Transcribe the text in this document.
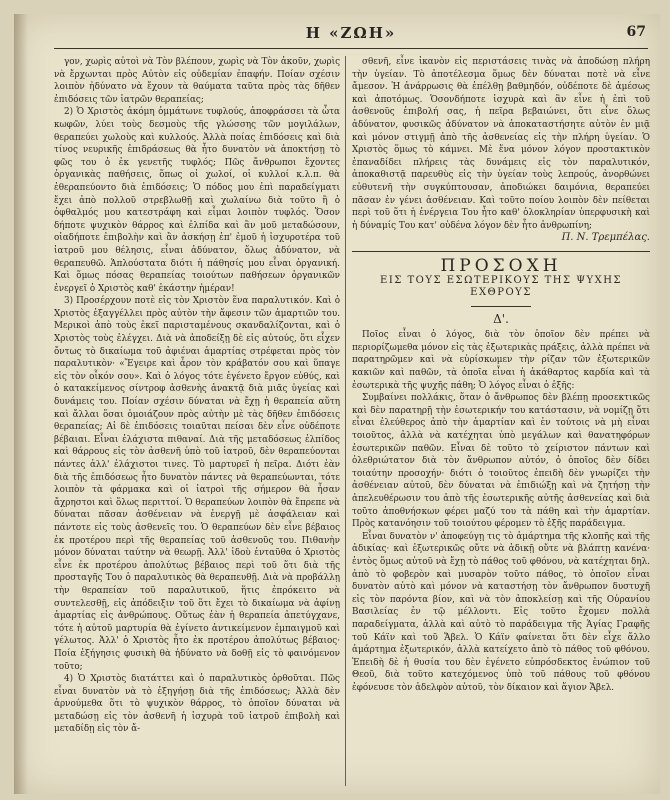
Η «ΖΩΗ»	67

γον, χωρὶς αὐτοὶ νὰ Τὸν βλέπουν, χωρὶς νὰ Τὸν ἀκοῦν, χωρὶς νὰ ἔρχωνται πρὸς Αὐτὸν εἰς οὐδεμίαν ἐπαφήν. Ποίαν σχέσιν λοιπὸν ἠδύνατο νὰ ἔχουν τὰ θαύματα ταῦτα πρὸς τὰς δῆθεν ἐπιδόσεις τῶν ἰατρῶν θεραπείας;

2) Ὁ Χριστὸς ἀκόμη ὀμμάτωνε τυφλούς, ἀποφράσσει τὰ ὦτα κωφῶν, λύει τοὺς δεσμοὺς τῆς γλώσσης τῶν μογιλάλων, θεραπεύει χωλοὺς καὶ κυλλούς. Ἀλλὰ ποίας ἐπιδόσεις καὶ διὰ τίνος νευρικῆς ἐπιδράσεως θὰ ἦτο δυνατὸν νὰ ἀποκτήσῃ τὸ φῶς του ὁ ἐκ γενετῆς τυφλός; Πῶς ἄνθρωποι ἔχοντες ὀργανικὰς παθήσεις, ὅπως οἱ χωλοί, οἱ κυλλοί κ.λ.π. θὰ ἐθεραπεύοντο διὰ ἐπιδόσεις; Ὁ πόδος μου ἐπὶ παραδείγματι ἔχει ἀπὸ πολλοῦ στρεβλωθῇ καὶ χωλαίνω διὰ τοῦτο ἢ ὁ ὀφθαλμός μου κατεστράφη καὶ εἶμαι λοιπὸν τυφλός. Ὅσον δήποτε ψυχικὸν θάρρος καὶ ἐλπίδα καὶ ἂν μοῦ μεταδώσουν, οἰαδήποτε ἐπιβολὴν καὶ ἂν ἀσκήσῃ ἐπ' ἐμοῦ ἡ ἰσχυροτέρα τοῦ ἰατροῦ μου θέλησις, εἶναι ἀδύνατον, ὅλως ἀδύνατον, νὰ θεραπευθῶ. Ἁπλούστατα διότι ἡ πάθησίς μου εἶναι ὀργανική. Καὶ ὅμως πόσας θεραπείας τοιούτων παθήσεων ὀργανικῶν ἐνεργεῖ ὁ Χριστὸς καθ' ἑκάστην ἡμέραν!

3) Προσέρχουν ποτὲ εἰς τὸν Χριστὸν ἕνα παραλυτικόν. Καὶ ὁ Χριστὸς ἐξαγγέλλει πρὸς αὐτὸν τὴν ἄφεσιν τῶν ἁμαρτιῶν του. Μερικοὶ ἀπὸ τοὺς ἐκεῖ παρισταμένους σκανδαλίζονται, καὶ ὁ Χριστὸς τοὺς ἐλέγχει. Διὰ νὰ ἀποδείξῃ δὲ εἰς αὐτούς, ὅτι εἶχεν ὄντως τὸ δικαίωμα τοῦ ἀφιέναι ἁμαρτίας στρέφεται πρὸς τὸν παραλυτικὸν· «Ἔγειρε καὶ ἆρον τὸν κράβατόν σου καὶ ὕπαγε εἰς τὸν οἶκόν σου». Καὶ ὁ λόγος τότε ἐγένετο ἔργον εὐθύς, καὶ ὁ κατακείμενος σίντροφ ἀσθενὴς ἀνακτᾷ διὰ μιᾶς ὑγείας καὶ δυνάμεις του. Ποίαν σχέσιν δύναται νὰ ἔχῃ ἡ θεραπεία αὕτη καὶ ἄλλαι ὅσαι ὁμοιάζουν πρὸς αὐτὴν μὲ τὰς δῆθεν ἐπιδόσεις θεραπείας; Αἱ δὲ ἐπιδόσεις τοιαῦται πείσαι δὲν εἶνε οὐδέποτε βέβαιαι. Εἶναι ἐλάχιστα πιθαναί. Διὰ τῆς μεταδόσεως ἐλπίδος καὶ θάρρους εἰς τὸν ἀσθενῆ ὑπὸ τοῦ ἰατροῦ, δὲν θεραπεύονται πάντες ἀλλ' ἐλάχιστοι τινες. Τὸ μαρτυρεῖ ἡ πεῖρα. Διότι ἐὰν διὰ τῆς ἐπιδόσεως ἦτο δυνατὸν πάντες νὰ θεραπεύωνται, τότε λοιπὸν τὰ φάρμακα καὶ οἱ ἰατροὶ τῆς σήμερον θὰ ἦσαν ἄχρηστοι καὶ ὅλως περιττοί. Ὁ θεραπεύων λοιπὸν θὰ ἔπρεπε νὰ δύναται πᾶσαν ἀσθένειαν νὰ ἐνεργῇ μὲ ἀσφάλειαν καὶ πάντοτε εἰς τοὺς ἀσθενεῖς του. Ὁ θεραπεύων δὲν εἶνε βέβαιος ἐκ προτέρου περὶ τῆς θεραπείας τοῦ ἀσθενοῦς του. Πιθανὴν μόνον δύναται ταύτην νὰ θεωρῇ. Ἀλλ' ἰδοὺ ἐνταῦθα ὁ Χριστὸς εἶνε ἐκ προτέρου ἀπολύτως βέβαιος περὶ τοῦ ὅτι διὰ τῆς προσταγῆς Του ὁ παραλυτικὸς θὰ θεραπευθῇ. Διὰ νὰ προβάλλῃ τὴν θεραπείαν τοῦ παραλυτικοῦ, ἥτις ἐπρόκειτο νὰ συντελεσθῇ, εἰς ἀπόδειξιν τοῦ ὅτι ἔχει τὸ δικαίωμα νὰ ἀφίνῃ ἁμαρτίας εἰς ἀνθρώπους. Οὕτως ἐὰν ἡ θεραπεία ἀπετύγχανε, τότε ἡ αὐτοῦ μαρτυρία θὰ ἐγίνετο ἀντικείμενον ἐμπαιγμοῦ καὶ γέλωτος. Ἀλλ' ὁ Χριστὸς ἦτο ἐκ προτέρου ἀπολύτως βέβαιος· Ποία ἐξήγησις φυσικὴ θὰ ἠδύνατο νὰ δοθῇ εἰς τὸ φαινόμενον τοῦτο;

4) Ὁ Χριστὸς διατάττει καὶ ὁ παραλυτικὸς ὀρθοῦται. Πῶς εἶναι δυνατὸν νὰ τὸ ἐξηγήσῃ διὰ τῆς ἐπιδόσεως; Ἀλλὰ δὲν ἀρνούμεθα ὅτι τὸ ψυχικὸν θάρρος, τὸ ὁποῖον δύναται νὰ μεταδώσῃ εἰς τὸν ἀσθενῆ ἡ ἰσχυρὰ τοῦ ἰατροῦ ἐπιβολὴ καὶ μεταδίδῃ εἰς τὸν ἄ-

σθενῆ, εἶνε ἱκανὸν εἰς περιστάσεις τινὰς νὰ ἀποδώσῃ πλήρη τὴν ὑγείαν. Τὸ ἀποτέλεσμα ὅμως δὲν δύναται ποτὲ νὰ εἶνε ἄμεσον. Ἡ ἀνάρρωσις θὰ ἐπέλθῃ βαθμηδόν, οὐδέποτε δὲ ἀμέσως καὶ ἀποτόμως. Ὁσονδήποτε ἰσχυρὰ καὶ ἂν εἶνε ἡ ἐπὶ τοῦ ἀσθενοῦς ἐπιβολή σας, ἡ πεῖρα βεβαιώνει, ὅτι εἶνε ὅλως ἀδύνατον, φυσικῶς ἀδύνατον νὰ ἀποκαταστήσητε αὐτὸν ἐν μιᾷ καὶ μόνον στιγμῇ ἀπὸ τῆς ἀσθενείας εἰς τὴν πλήρη ὑγείαν. Ὁ Χριστὸς ὅμως τὸ κάμνει. Μὲ ἕνα μόνον λόγον προστακτικὸν ἐπαναδίδει πλήρεις τὰς δυνάμεις εἰς τὸν παραλυτικόν, ἀποκαθιστᾷ παρευθὺς εἰς τὴν ὑγείαν τοὺς λεπρούς, ἀνορθώνει εὐθυτενῆ τὴν συγκύπτουσαν, ἀποδιώκει δαιμόνια, θεραπεύει πᾶσαν ἐν γένει ἀσθένειαν. Καὶ τοῦτο ποίου λοιπὸν δὲν πείθεται περὶ τοῦ ὅτι ἡ ἐνέργεια Του ἦτο καθ' ὁλοκληρίαν ὑπερφυσικὴ καὶ ἡ δύναμίς Του κατ' οὐδένα λόγον δὲν ἦτο ἀνθρωπίνη;

Π. Ν. Τρεμπέλας.

ΠΡΟΣΟΧΗ
ΕΙΣ ΤΟΥΣ ΕΣΩΤΕΡΙΚΟΥΣ ΤΗΣ ΨΥΧΗΣ ΕΧΘΡΟΥΣ
Δ'.

Ποῖος εἶναι ὁ λόγος, διὰ τὸν ὁποῖον δὲν πρέπει νὰ περιορίζωμεθα μόνον εἰς τὰς ἐξωτερικὰς πράξεις, ἀλλὰ πρέπει νὰ παρατηρῶμεν καὶ νὰ εὑρίσκωμεν τὴν ρίζαν τῶν ἐξωτερικῶν κακιῶν καὶ παθῶν, τὰ ὁποῖα εἶναι ἡ ἀκάθαρτος καρδία καὶ τὰ ἐσωτερικὰ τῆς ψυχῆς πάθη; Ὁ λόγος εἶναι ὁ ἑξῆς:

Συμβαίνει πολλάκις, ὅταν ὁ ἄνθρωπος δὲν βλέπῃ προσεκτικῶς καὶ δὲν παρατηρῇ τὴν ἐσωτερικήν του κατάστασιν, νὰ νομίζῃ ὅτι εἶναι ἐλεύθερος ἀπὸ τὴν ἁμαρτίαν καὶ ἐν τούτοις νὰ μὴ εἶναι τοιοῦτος, ἀλλὰ νὰ κατέχηται ὑπὸ μεγάλων καὶ θανατηφόρων ἐσωτερικῶν παθῶν. Εἶναι δὲ τοῦτο τὸ χείριστον πάντων καὶ ὀλεθριώτατον διὰ τὸν ἄνθρωπον αὐτόν, ὁ ὁποῖος δὲν δίδει τοιαύτην προσοχήν· διότι ὁ τοιοῦτος ἐπειδὴ δὲν γνωρίζει τὴν ἀσθένειαν αὐτοῦ, δὲν δύναται νὰ ἐπιδιώξῃ καὶ νὰ ζητήσῃ τὴν ἀπελευθέρωσιν του ἀπὸ τῆς ἐσωτερικῆς αὐτῆς ἀσθενείας καὶ διὰ τοῦτο ἀποθνήσκων φέρει μαζύ του τὰ πάθη καὶ τὴν ἁμαρτίαν. Πρὸς κατανόησιν τοῦ τοιούτου φέρομεν τὸ ἑξῆς παράδειγμα.

Εἶναι δυνατὸν ν' ἀποφεύγῃ τις τὸ ἁμάρτημα τῆς κλοπῆς καὶ τῆς ἀδικίας· καὶ ἐξωτερικῶς οὔτε νὰ ἀδικῇ οὔτε νὰ βλάπτῃ κανένα· ἐντὸς ὅμως αὐτοῦ νὰ ἔχῃ τὸ πάθος τοῦ φθόνου, νὰ κατέχηται δηλ. ἀπὸ τὸ φοβερὸν καὶ μυσαρὸν τοῦτο πάθος, τὸ ὁποῖον εἶναι δυνατὸν αὐτὸ καὶ μόνον νὰ καταστήσῃ τὸν ἄνθρωπον δυστυχῆ εἰς τὸν παρόντα βίον, καὶ νὰ τὸν ἀποκλείσῃ καὶ τῆς Οὐρανίου Βασιλείας ἐν τῷ μέλλοντι. Εἰς τοῦτο ἔχομεν πολλὰ παραδείγματα, ἀλλὰ καὶ αὐτὸ τὸ παράδειγμα τῆς Ἁγίας Γραφῆς τοῦ Κάϊν καὶ τοῦ Ἄβελ. Ὁ Κάϊν φαίνεται ὅτι δὲν εἶχε ἄλλο ἁμάρτημα ἐξωτερικόν, ἀλλὰ κατείχετο ἀπὸ τὸ πάθος τοῦ φθόνου. Ἐπειδὴ δὲ ἡ θυσία του δὲν ἐγένετο εὐπρόσδεκτος ἐνώπιον τοῦ Θεοῦ, διὰ τοῦτο κατεχόμενος ὑπὸ τοῦ πάθους τοῦ φθόνου ἐφόνευσε τὸν ἀδελφὸν αὐτοῦ, τὸν δίκαιον καὶ ἅγιον Ἄβελ.
